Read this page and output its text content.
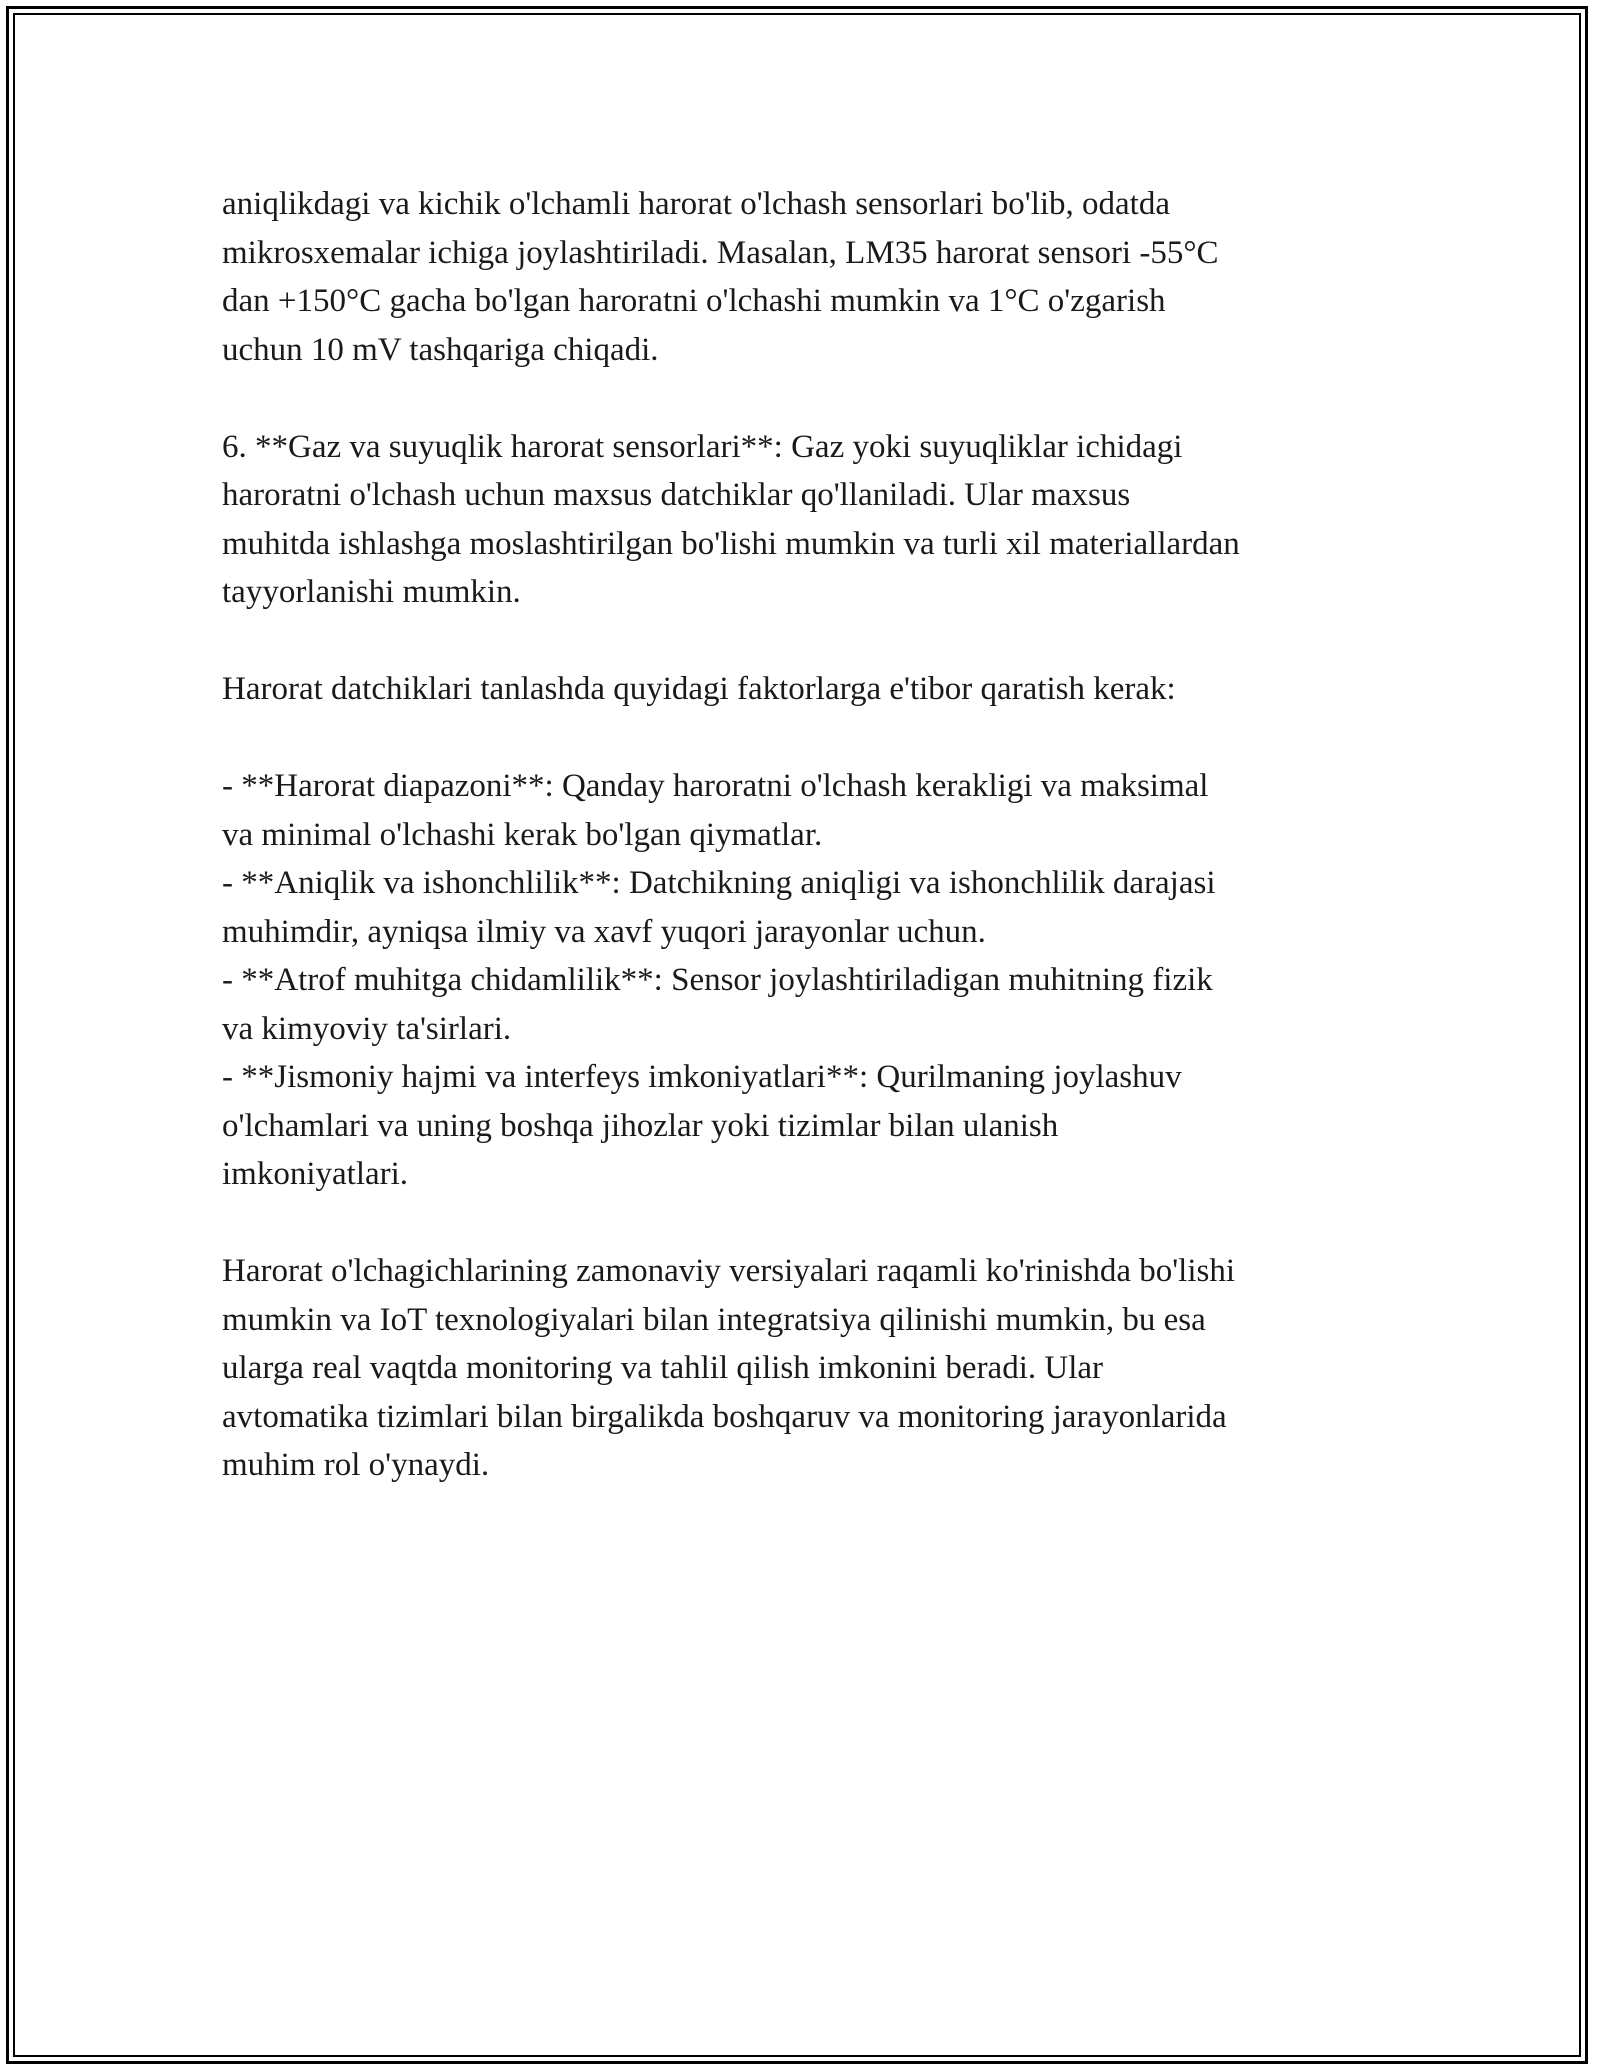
aniqlikdagi va kichik o'lchamli harorat o'lchash sensorlari bo'lib, odatda
mikrosxemalar ichiga joylashtiriladi. Masalan, LM35 harorat sensori -55°C
dan +150°C gacha bo'lgan haroratni o'lchashi mumkin va 1°C o'zgarish
uchun 10 mV tashqariga chiqadi.

6. **Gaz va suyuqlik harorat sensorlari**: Gaz yoki suyuqliklar ichidagi
haroratni o'lchash uchun maxsus datchiklar qo'llaniladi. Ular maxsus
muhitda ishlashga moslashtirilgan bo'lishi mumkin va turli xil materiallardan
tayyorlanishi mumkin.

Harorat datchiklari tanlashda quyidagi faktorlarga e'tibor qaratish kerak:

- **Harorat diapazoni**: Qanday haroratni o'lchash kerakligi va maksimal
va minimal o'lchashi kerak bo'lgan qiymatlar.
- **Aniqlik va ishonchlilik**: Datchikning aniqligi va ishonchlilik darajasi
muhimdir, ayniqsa ilmiy va xavf yuqori jarayonlar uchun.
- **Atrof muhitga chidamlilik**: Sensor joylashtiriladigan muhitning fizik
va kimyoviy ta'sirlari.
- **Jismoniy hajmi va interfeys imkoniyatlari**: Qurilmaning joylashuv
o'lchamlari va uning boshqa jihozlar yoki tizimlar bilan ulanish
imkoniyatlari.

Harorat o'lchagichlarining zamonaviy versiyalari raqamli ko'rinishda bo'lishi
mumkin va IoT texnologiyalari bilan integratsiya qilinishi mumkin, bu esa
ularga real vaqtda monitoring va tahlil qilish imkonini beradi. Ular
avtomatika tizimlari bilan birgalikda boshqaruv va monitoring jarayonlarida
muhim rol o'ynaydi.
